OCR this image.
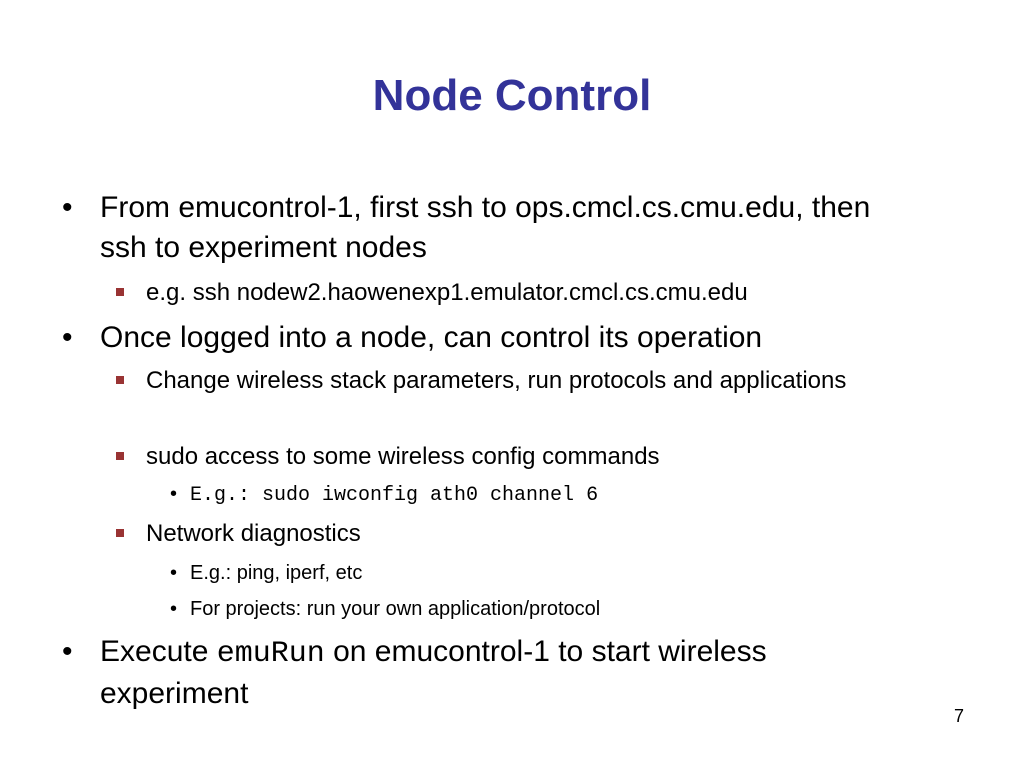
Node Control
• From emucontrol-1, first ssh to ops.cmcl.cs.cmu.edu, then ssh to experiment nodes
e.g. ssh nodew2.haowenexp1.emulator.cmcl.cs.cmu.edu
• Once logged into a node, can control its operation
Change wireless stack parameters, run protocols and applications
sudo access to some wireless config commands
• E.g.: sudo iwconfig ath0 channel 6
Network diagnostics
• E.g.: ping, iperf, etc
• For projects: run your own application/protocol
• Execute emuRun on emucontrol-1 to start wireless experiment
7
